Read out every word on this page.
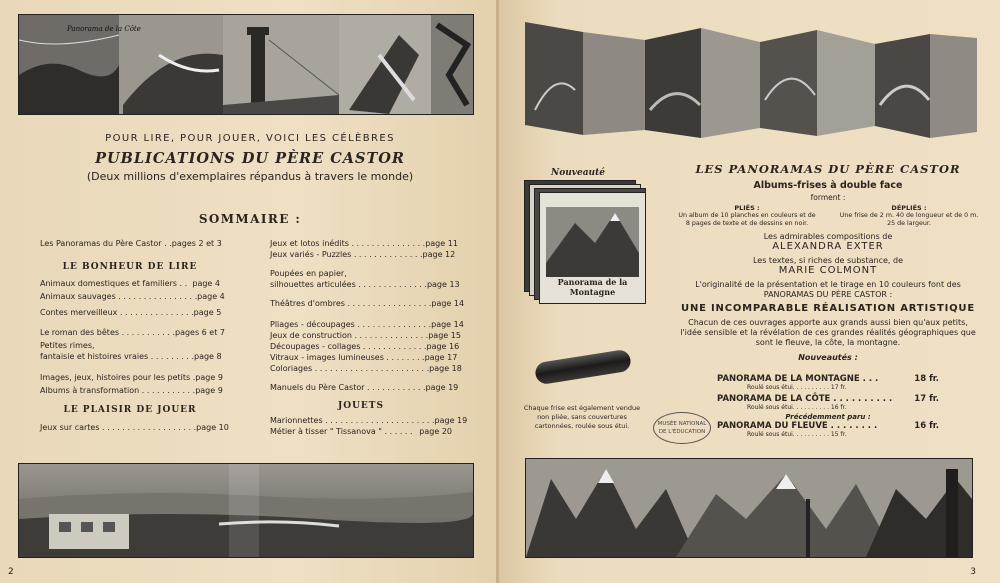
Panorama de la Côte
POUR LIRE, POUR JOUER, VOICI LES CÉLÈBRES
PUBLICATIONS DU PÈRE CASTOR
(Deux millions d'exemplaires répandus à travers le monde)
SOMMAIRE :
Les Panoramas du Père Castor . . pages 2 et 3
LE BONHEUR DE LIRE
Animaux domestiques et familiers . . page 4
Animaux sauvages . . . . . . . . . . . . . . . . page 4
Contes merveilleux . . . . . . . . . . . . . . . page 5
Le roman des bêtes . . . . . . . . . . . pages 6 et 7
Petites rimes,
fantaisie et histoires vraies . . . . . . . . . page 8
Images, jeux, histoires pour les petits . page 9
Albums à transformation . . . . . . . . . . . page 9
LE PLAISIR DE JOUER
Jeux sur cartes . . . . . . . . . . . . . . . . . . . page 10
Jeux et lotos inédits . . . . . . . . . . . . . . . page 11
Jeux variés - Puzzles . . . . . . . . . . . . . . page 12
Poupées en papier,
silhouettes articulées . . . . . . . . . . . . . . page 13
Théâtres d'ombres . . . . . . . . . . . . . . . . . page 14
Pliages - découpages . . . . . . . . . . . . . . . page 14
Jeux de construction . . . . . . . . . . . . . . . page 15
Découpages - collages . . . . . . . . . . . . . page 16
Vitraux - images lumineuses . . . . . . . . page 17
Coloriages . . . . . . . . . . . . . . . . . . . . . . . page 18
Manuels du Père Castor . . . . . . . . . . . . page 19
JOUETS
Marionnettes . . . . . . . . . . . . . . . . . . . . . . page 19
Métier à tisser " Tissanova " . . . . . . page 20
2
Nouveauté
Panorama de la Montagne
Chaque frise est également vendue non pliée, sans couvertures cartonnées, roulée sous étui.	MUSÉE NATIONAL
DE L'ÉDUCATION
LES PANORAMAS DU PÈRE CASTOR
Albums-frises à double face
forment :
PLIÉS :
Un album de 10 planches en couleurs et de 8 pages de texte et de dessins en noir.
DÉPLIÉS :
Une frise de 2 m. 40 de longueur et de 0 m. 25 de largeur.
Les admirables compositions de
ALEXANDRA EXTER
Les textes, si riches de substance, de
MARIE COLMONT
L'originalité de la présentation et le tirage en 10 couleurs font des PANORAMAS DU PÈRE CASTOR :
UNE INCOMPARABLE RÉALISATION ARTISTIQUE
Chacun de ces ouvrages apporte aux grands aussi bien qu'aux petits, l'idée sensible et la révélation de ces grandes réalités géographiques que sont le fleuve, la côte, la montagne.
Nouveautés :
PANORAMA DE LA MONTAGNE . . .	18 fr.
Roulé sous étui. . . . . . . . . . 17 fr.
PANORAMA DE LA CÔTE . . . . . . . . . .	17 fr.
Roulé sous étui. . . . . . . . . . 16 fr.
Précédemment paru :
PANORAMA DU FLEUVE . . . . . . . .	16 fr.
Roulé sous étui. . . . . . . . . . 15 fr.
3
